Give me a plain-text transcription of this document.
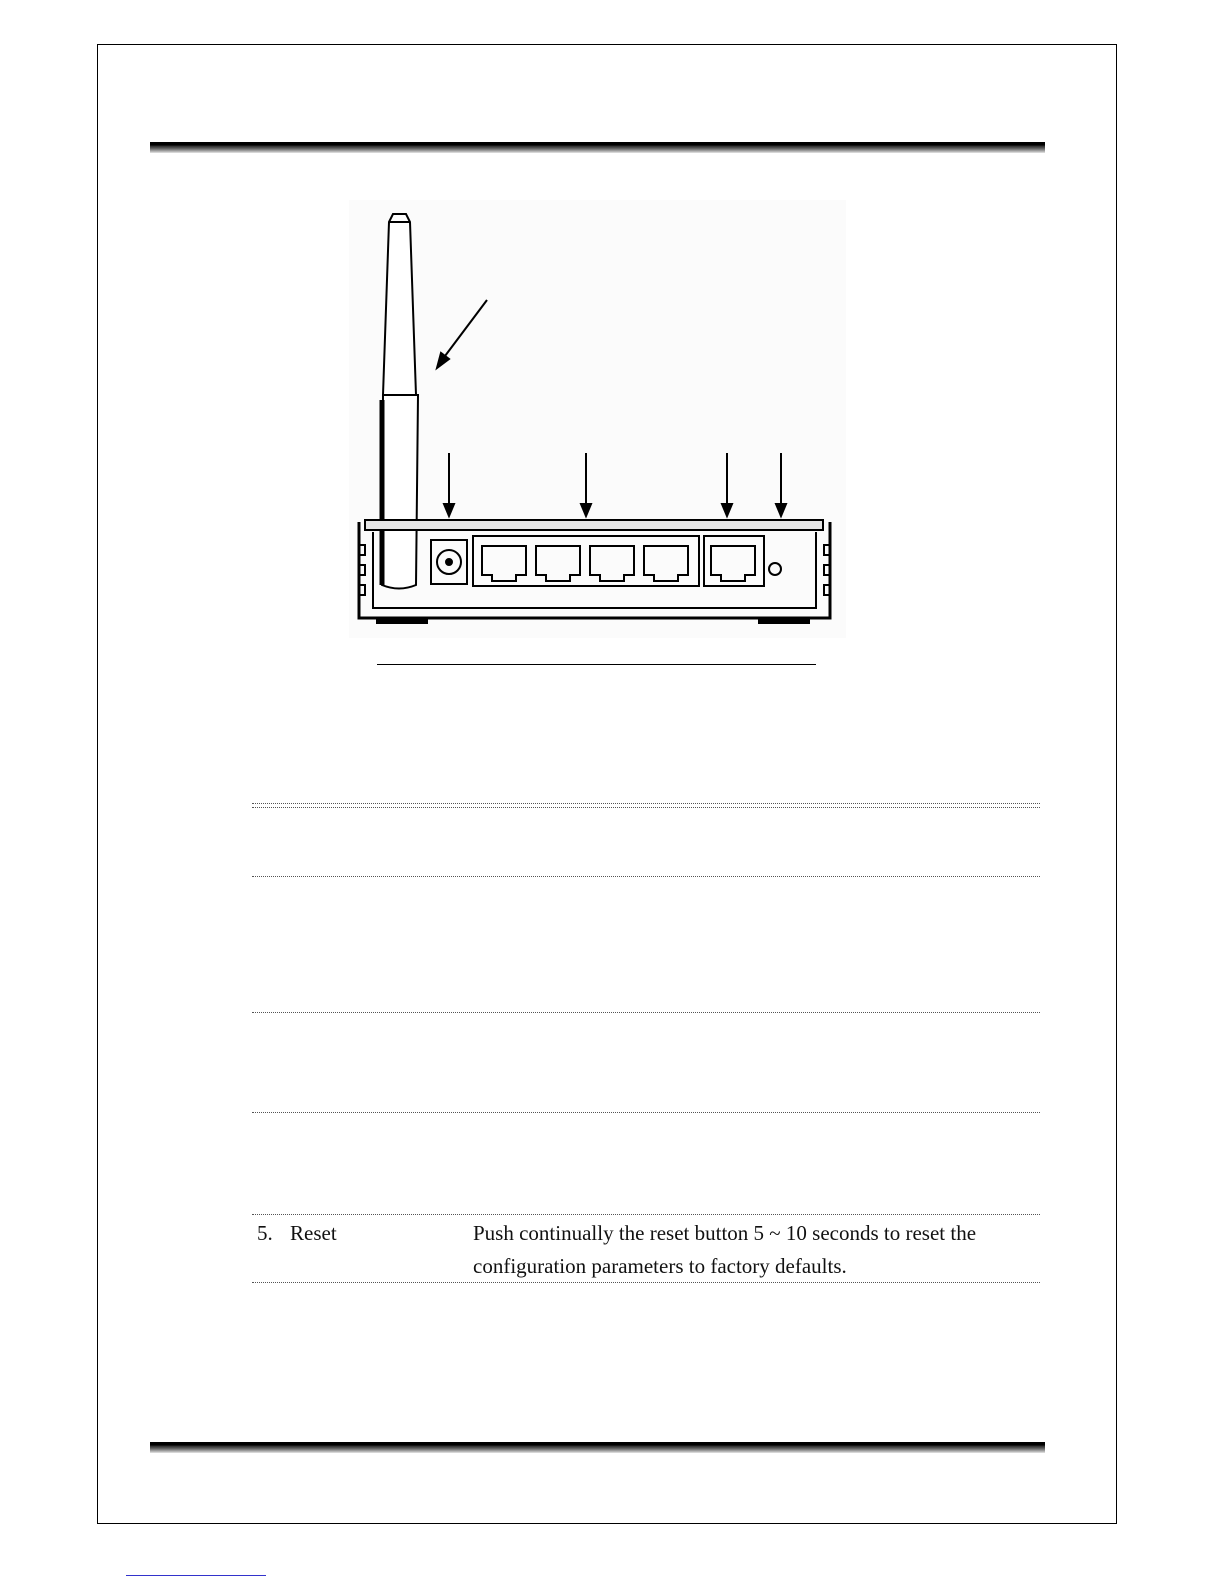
5. Reset	Push continually the reset button 5 ~ 10 seconds to reset the configuration parameters to factory defaults.
